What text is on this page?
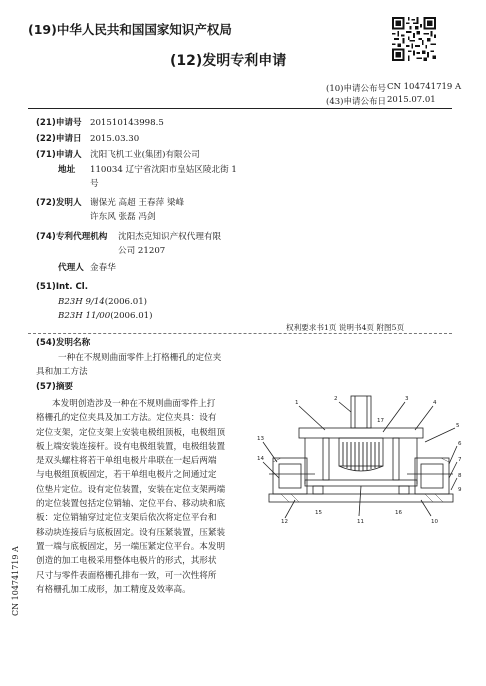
(19)中华人民共和国国家知识产权局
(12)发明专利申请
(10)申请公布号 CN 104741719 A
(43)申请公布日 2015.07.01
(21)申请号 201510143998.5
(22)申请日 2015.03.30
(71)申请人 沈阳飞机工业(集团)有限公司
地址 110034 辽宁省沈阳市皇姑区陵北街 1
号
(72)发明人 谢保光 高超 王春萍 梁峰
许东风 张磊 冯剑
(74)专利代理机构 沈阳杰克知识产权代理有限
公司 21207
代理人 金春华
(51)Int. Cl.
B23H 9/14(2006.01)
B23H 11/00(2006.01)
权利要求书1页 说明书4页 附图5页
(54)发明名称
一种在不规则曲面零件上打格栅孔的定位夹
具和加工方法
(57)摘要
本发明创造涉及一种在不规则曲面零件上打
格栅孔的定位夹具及加工方法。定位夹具：设有
定位支架，定位支架上安装电极组顶板，电极组顶
板上端安装连接杆。设有电极组装置，电极组装置
是双头螺柱将若干单组电极片串联在一起后两端
与电极组顶板固定，若干单组电极片之间通过定
位垫片定位。设有定位装置，安装在定位支架两端
的定位装置包括定位销轴、定位平台、移动块和底
板：定位销轴穿过定位支架后依次将定位平台和
移动块连接后与底板固定。设有压紧装置，压紧装
置一端与底板固定，另一端压紧定位平台。本发明
创造的加工电极采用整体电极片的形式，其形状
尺寸与零件表面格栅孔排布一致，可一次性将所
有格栅孔加工成形，加工精度及效率高。
1
2	3
4
5
6
7
8
9
10
11
12
13
14
15	16
17
CN 104741719 A
